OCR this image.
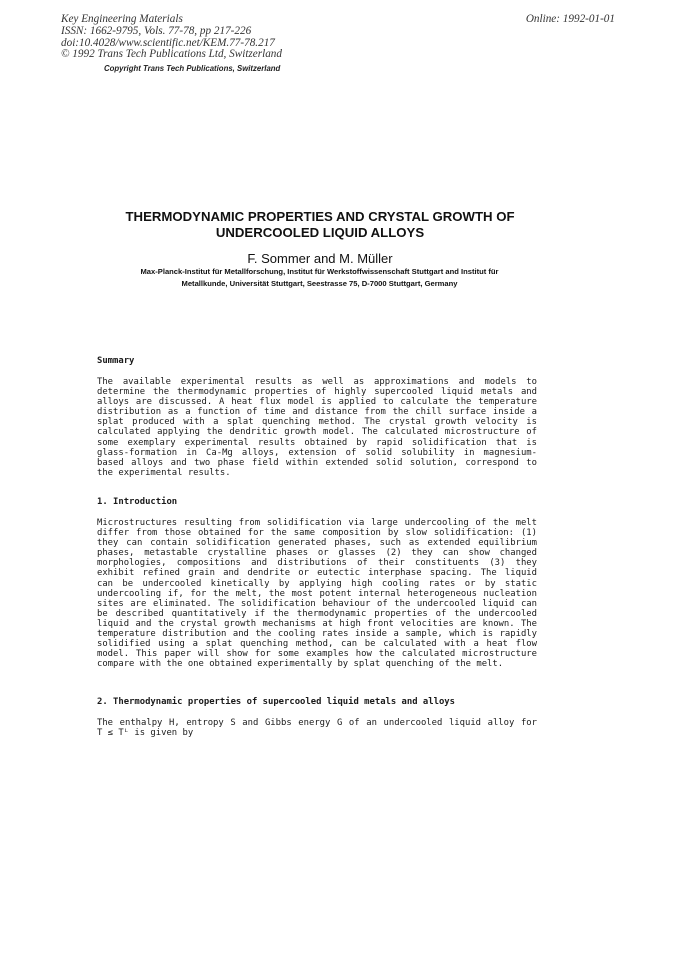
Key Engineering Materials
ISSN: 1662-9795, Vols. 77-78, pp 217-226
doi:10.4028/www.scientific.net/KEM.77-78.217
© 1992 Trans Tech Publications Ltd, Switzerland
Online: 1992-01-01
Copyright Trans Tech Publications, Switzerland
THERMODYNAMIC PROPERTIES AND CRYSTAL GROWTH OF
UNDERCOOLED LIQUID ALLOYS
F. Sommer and M. Müller
Max-Planck-Institut für Metallforschung, Institut für Werkstoffwissenschaft Stuttgart and Institut für
Metallkunde, Universität Stuttgart, Seestrasse 75, D-7000 Stuttgart, Germany
Summary
The available experimental results as well as approximations and models to
determine the thermodynamic properties of highly supercooled liquid metals and
alloys are discussed. A heat flux model is applied to calculate the temperature
distribution as a function of time and distance from the chill surface inside a
splat produced with a splat quenching method. The crystal growth velocity is
calculated applying the dendritic growth model. The calculated microstructure of
some exemplary experimental results obtained by rapid solidification that is
glass-formation in Ca-Mg alloys, extension of solid solubility in magnesium-
based alloys and two phase field within extended solid solution, correspond to
the experimental results.
1. Introduction
Microstructures resulting from solidification via large undercooling of the melt
differ from those obtained for the same composition by slow solidification: (1)
they can contain solidification generated phases, such as extended equilibrium
phases, metastable crystalline phases or glasses (2) they can show changed
morphologies, compositions and distributions of their constituents (3) they
exhibit refined grain and dendrite or eutectic interphase spacing. The liquid
can be undercooled kinetically by applying high cooling rates or by static
undercooling if, for the melt, the most potent internal heterogeneous nucleation
sites are eliminated. The solidification behaviour of the undercooled liquid can
be described quantitatively if the thermodynamic properties of the undercooled
liquid and the crystal growth mechanisms at high front velocities are known. The
temperature distribution and the cooling rates inside a sample, which is rapidly
solidified using a splat quenching method, can be calculated with a heat flow
model. This paper will show for some examples how the calculated microstructure
compare with the one obtained experimentally by splat quenching of the melt.
2. Thermodynamic properties of supercooled liquid metals and alloys
The enthalpy H, entropy S and Gibbs energy G of an undercooled liquid alloy for
T ≤ Tᴸ is given by
